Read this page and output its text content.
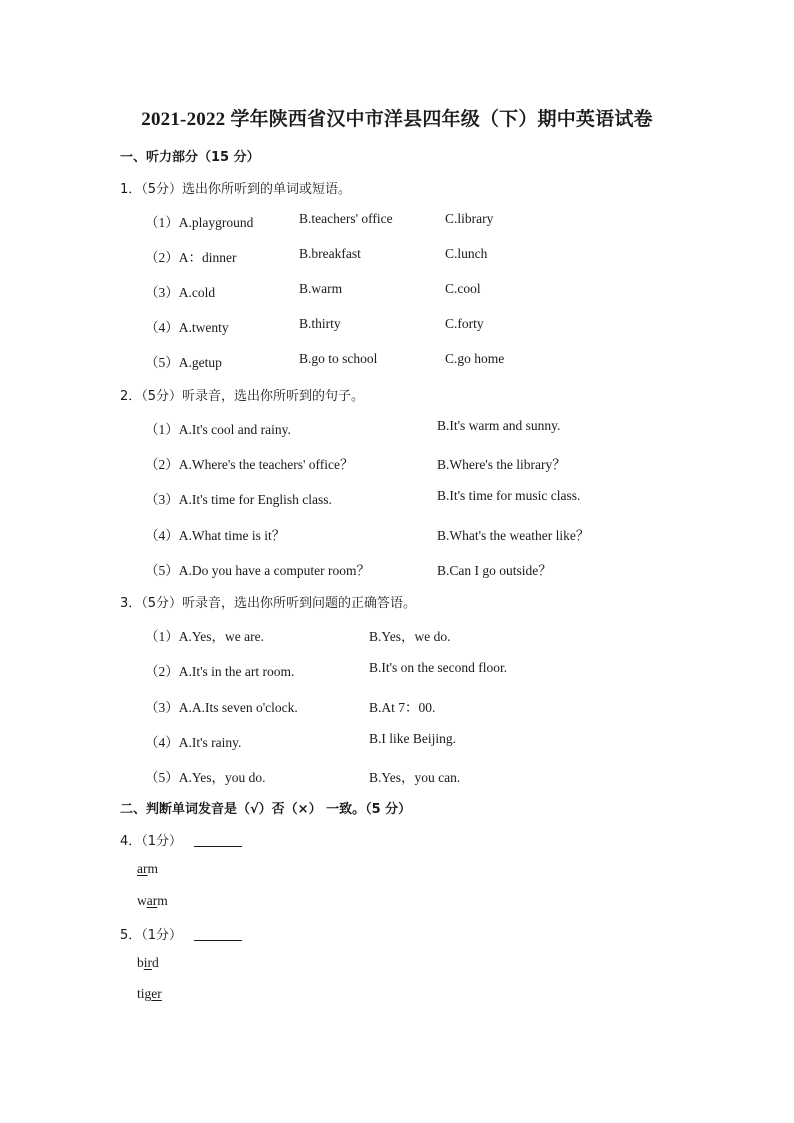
2021-2022 学年陕西省汉中市洋县四年级（下）期中英语试卷
一、听力部分（15 分）
1．（5分）选出你所听到的单词或短语。
（1）A.playground	B.teachers' office	C.library
（2）A：dinner	B.breakfast	C.lunch
（3）A.cold	B.warm	C.cool
（4）A.twenty	B.thirty	C.forty
（5）A.getup	B.go to school	C.go home
2．（5分）听录音，选出你所听到的句子。
（1）A.It's cool and rainy.	B.It's warm and sunny.
（2）A.Where's the teachers' office？	B.Where's the library？
（3）A.It's time for English class.	B.It's time for music class.
（4）A.What time is it？	B.What's the weather like？
（5）A.Do you have a computer room？	B.Can I go outside？
3．（5分）听录音，选出你所听到问题的正确答语。
（1）A.Yes，we are.	B.Yes，we do.
（2）A.It's in the art room.	B.It's on the second floor.
（3）A.A.Its seven o'clock.	B.At 7：00.
（4）A.It's rainy.	B.I like Beijing.
（5）A.Yes，you do.	B.Yes，you can.
二、判断单词发音是（√）否（×） 一致。（5 分）
4．（1分）
arm
warm
5．（1分）
bird
tiger
